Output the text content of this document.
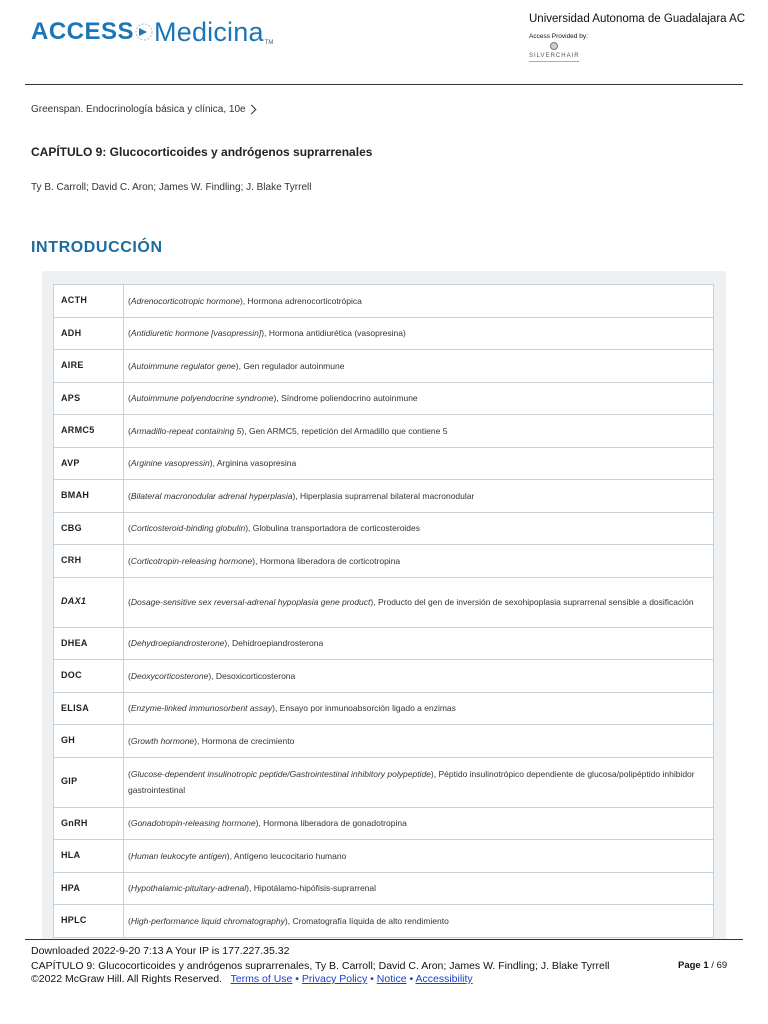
ACCESS Medicina TM
Universidad Autonoma de Guadalajara AC
Access Provided by:
SILVERCHAIR
Greenspan. Endocrinología básica y clínica, 10e
CAPÍTULO 9: Glucocorticoides y andrógenos suprarrenales
Ty B. Carroll; David C. Aron; James W. Findling; J. Blake Tyrrell
INTRODUCCIÓN
ACTH	(Adrenocorticotropic hormone), Hormona adrenocorticotrópica
ADH	(Antidiuretic hormone [vasopressin]), Hormona antidiurética (vasopresina)
AIRE	(Autoimmune regulator gene), Gen regulador autoinmune
APS	(Autoimmune polyendocrine syndrome), Síndrome poliendocrino autoinmune
ARMC5	(Armadillo-repeat containing 5), Gen ARMC5, repetición del Armadillo que contiene 5
AVP	(Arginine vasopressin), Arginina vasopresina
BMAH	(Bilateral macronodular adrenal hyperplasia), Hiperplasia suprarrenal bilateral macronodular
CBG	(Corticosteroid-binding globulin), Globulina transportadora de corticosteroides
CRH	(Corticotropin-releasing hormone), Hormona liberadora de corticotropina
DAX1	(Dosage-sensitive sex reversal-adrenal hypoplasia gene product), Producto del gen de inversión de sexohipoplasia suprarrenal sensible a dosificación
DHEA	(Dehydroepiandrosterone), Dehidroepiandrosterona
DOC	(Deoxycorticosterone), Desoxicorticosterona
ELISA	(Enzyme-linked immunosorbent assay), Ensayo por inmunoabsorción ligado a enzimas
GH	(Growth hormone), Hormona de crecimiento
GIP	(Glucose-dependent insulinotropic peptide/Gastrointestinal inhibitory polypeptide), Péptido insulinotrópico dependiente de glucosa/polipéptido inhibidor gastrointestinal
GnRH	(Gonadotropin-releasing hormone), Hormona liberadora de gonadotropina
HLA	(Human leukocyte antigen), Antígeno leucocitario humano
HPA	(Hypothalamic-pituitary-adrenal), Hipotálamo-hipófisis-suprarrenal
HPLC	(High-performance liquid chromatography), Cromatografía líquida de alto rendimiento
Downloaded 2022-9-20 7:13 A Your IP is 177.227.35.32
CAPÍTULO 9: Glucocorticoides y andrógenos suprarrenales, Ty B. Carroll; David C. Aron; James W. Findling; J. Blake Tyrrell
©2022 McGraw Hill. All Rights Reserved. Terms of Use • Privacy Policy • Notice • Accessibility
Page 1 / 69
